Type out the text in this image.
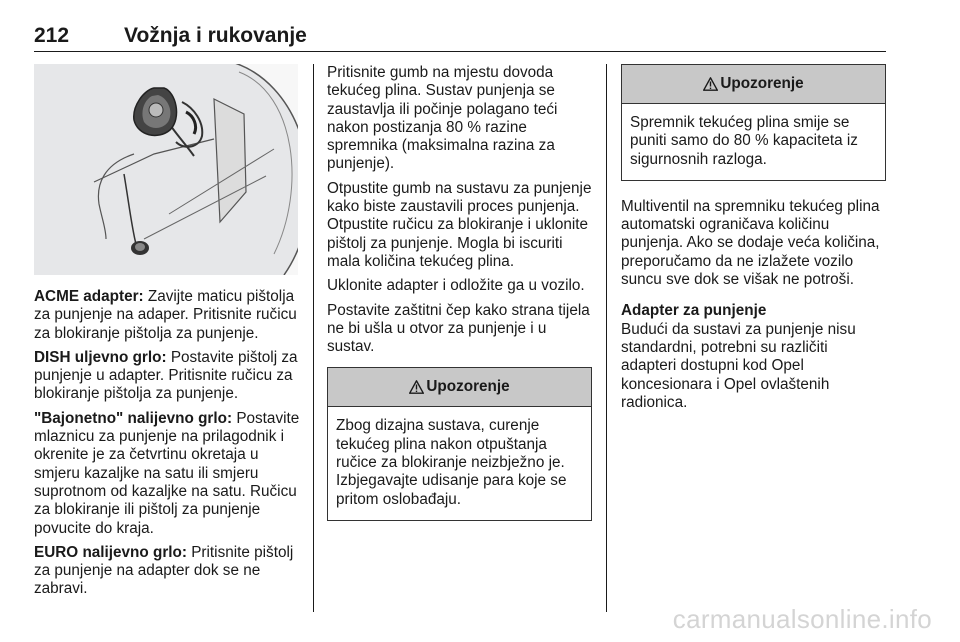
212	Vožnja i rukovanje

ACME adapter: Zavijte maticu pištolja za punjenje na adaper. Pritisnite ručicu za blokiranje pištolja za punjenje.

DISH uljevno grlo: Postavite pištolj za punjenje u adapter. Pritisnite ručicu za blokiranje pištolja za punjenje.

"Bajonetno" nalijevno grlo: Postavite mlaznicu za punjenje na prilagodnik i okrenite je za četvrtinu okretaja u smjeru kazaljke na satu ili smjeru suprotnom od kazaljke na satu. Ručicu za blokiranje ili pištolj za punjenje povucite do kraja.

EURO nalijevno grlo: Pritisnite pištolj za punjenje na adapter dok se ne zabravi.

Pritisnite gumb na mjestu dovoda tekućeg plina. Sustav punjenja se zaustavlja ili počinje polagano teći nakon postizanja 80 % razine spremnika (maksimalna razina za punjenje).

Otpustite gumb na sustavu za punjenje kako biste zaustavili proces punjenja. Otpustite ručicu za blokiranje i uklonite pištolj za punjenje. Mogla bi iscuriti mala količina tekućeg plina.

Uklonite adapter i odložite ga u vozilo.

Postavite zaštitni čep kako strana tijela ne bi ušla u otvor za punjenje i u sustav.

Upozorenje
Zbog dizajna sustava, curenje tekućeg plina nakon otpuštanja ručice za blokiranje neizbježno je. Izbjegavajte udisanje para koje se pritom oslobađaju.
Upozorenje
Spremnik tekućeg plina smije se puniti samo do 80 % kapaciteta iz sigurnosnih razloga.

Multiventil na spremniku tekućeg plina automatski ograničava količinu punjenja. Ako se dodaje veća količina, preporučamo da ne izlažete vozilo suncu sve dok se višak ne potroši.

Adapter za punjenje

Budući da sustavi za punjenje nisu standardni, potrebni su različiti adapteri dostupni kod Opel koncesionara i Opel ovlaštenih radionica.

carmanualsonline.info
